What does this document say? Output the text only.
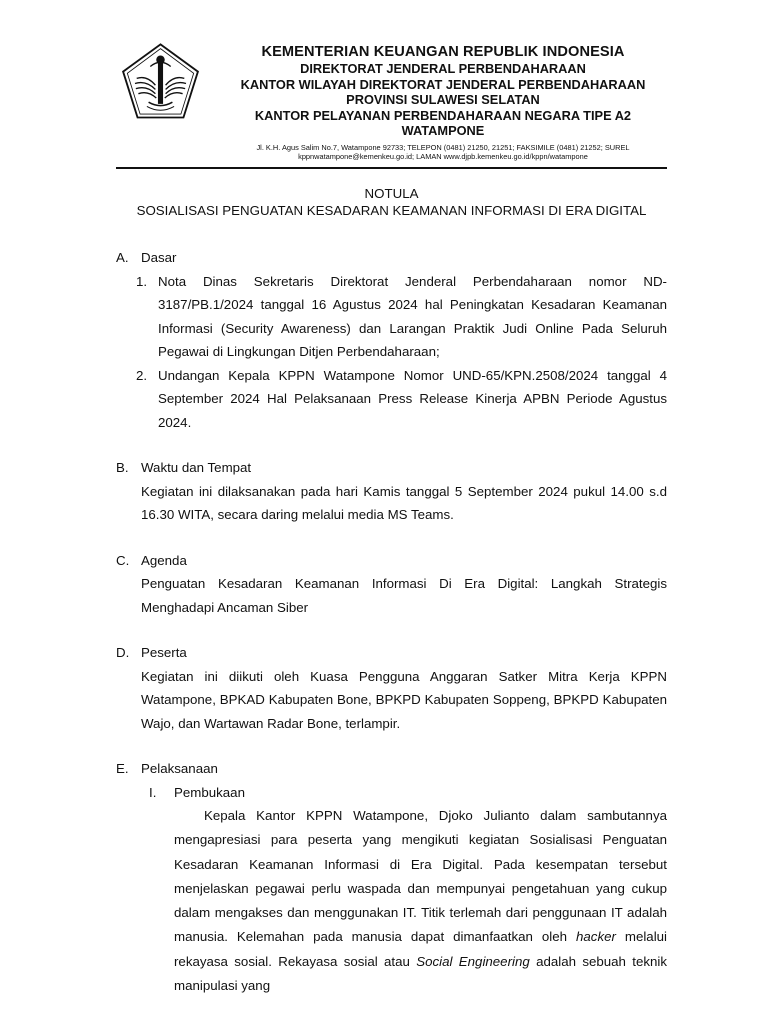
KEMENTERIAN KEUANGAN REPUBLIK INDONESIA
DIREKTORAT JENDERAL PERBENDAHARAAN
KANTOR WILAYAH DIREKTORAT JENDERAL PERBENDAHARAAN
PROVINSI SULAWESI SELATAN
KANTOR PELAYANAN PERBENDAHARAAN NEGARA TIPE A2
WATAMPONE
Jl. K.H. Agus Salim No.7, Watampone 92733; TELEPON (0481) 21250, 21251; FAKSIMILE (0481) 21252; SUREL
kppnwatampone@kemenkeu.go.id; LAMAN www.djpb.kemenkeu.go.id/kppn/watampone
NOTULA
SOSIALISASI PENGUATAN KESADARAN KEAMANAN INFORMASI DI ERA DIGITAL
A. Dasar
1. Nota Dinas Sekretaris Direktorat Jenderal Perbendaharaan nomor ND-3187/PB.1/2024 tanggal 16 Agustus 2024 hal Peningkatan Kesadaran Keamanan Informasi (Security Awareness) dan Larangan Praktik Judi Online Pada Seluruh Pegawai di Lingkungan Ditjen Perbendaharaan;
2. Undangan Kepala KPPN Watampone Nomor UND-65/KPN.2508/2024 tanggal 4 September 2024 Hal Pelaksanaan Press Release Kinerja APBN Periode Agustus 2024.
B. Waktu dan Tempat
Kegiatan ini dilaksanakan pada hari Kamis tanggal 5 September 2024 pukul 14.00 s.d 16.30 WITA, secara daring melalui media MS Teams.
C. Agenda
Penguatan Kesadaran Keamanan Informasi Di Era Digital: Langkah Strategis Menghadapi Ancaman Siber
D. Peserta
Kegiatan ini diikuti oleh Kuasa Pengguna Anggaran Satker Mitra Kerja KPPN Watampone, BPKAD Kabupaten Bone, BPKPD Kabupaten Soppeng, BPKPD Kabupaten Wajo, dan Wartawan Radar Bone, terlampir.
E. Pelaksanaan
I.	Pembukaan
Kepala Kantor KPPN Watampone, Djoko Julianto dalam sambutannya mengapresiasi para peserta yang mengikuti kegiatan Sosialisasi Penguatan Kesadaran Keamanan Informasi di Era Digital. Pada kesempatan tersebut menjelaskan pegawai perlu waspada dan mempunyai pengetahuan yang cukup dalam mengakses dan menggunakan IT. Titik terlemah dari penggunaan IT adalah manusia. Kelemahan pada manusia dapat dimanfaatkan oleh hacker melalui rekayasa sosial. Rekayasa sosial atau Social Engineering adalah sebuah teknik manipulasi yang
